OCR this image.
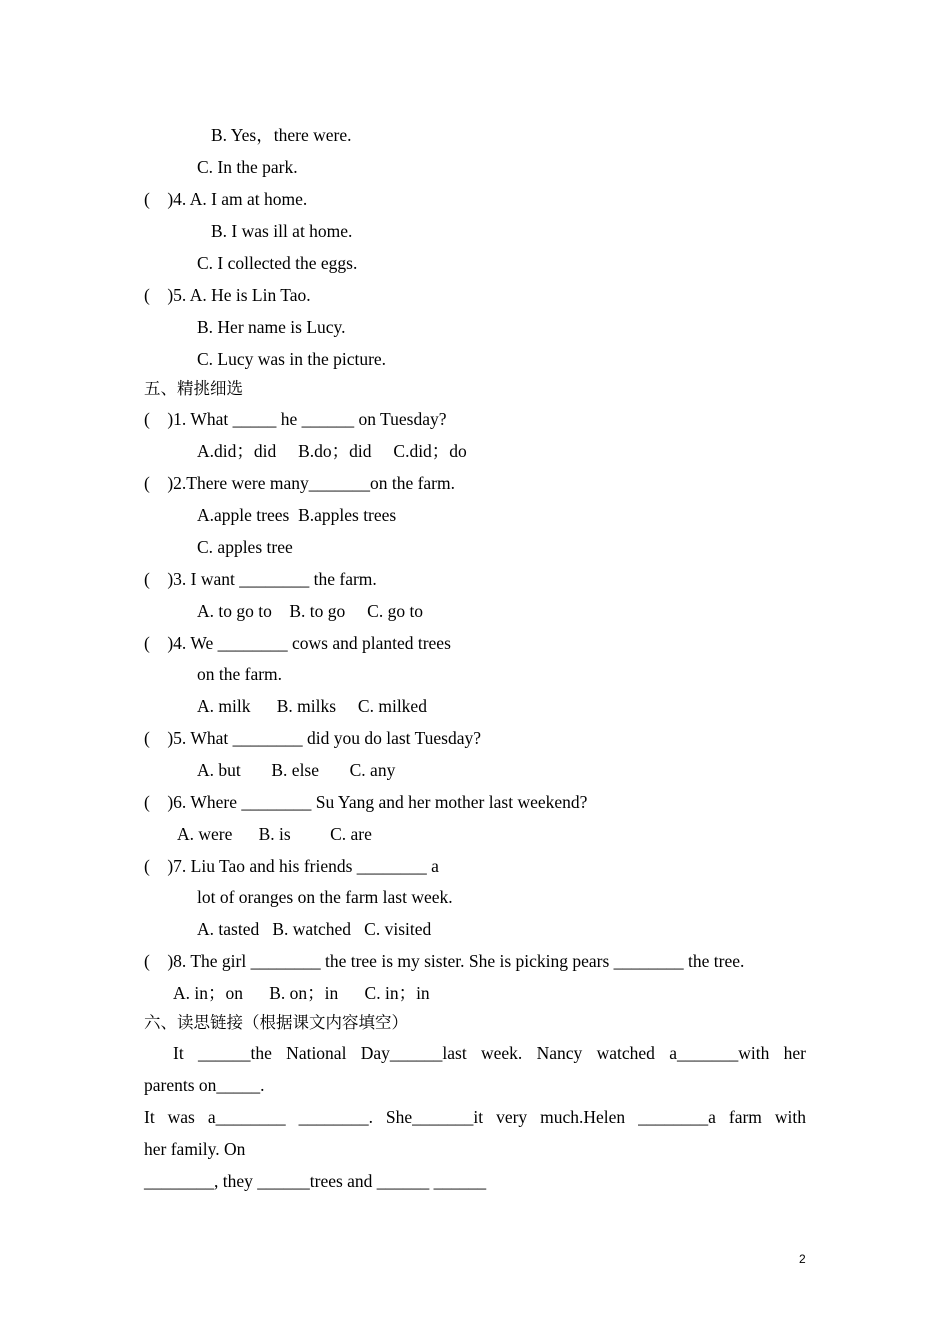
B. Yes，there were.

C. In the park.

(    )4. A. I am at home.

B. I was ill at home.

C. I collected the eggs.

(    )5. A. He is Lin Tao.

B. Her name is Lucy.

C. Lucy was in the picture.

五、精挑细选

(    )1. What _____ he ______ on Tuesday?

A.did；did     B.do；did     C.did；do

(    )2.There were many_______on the farm.

A.apple trees  B.apples trees

C. apples tree

(    )3. I want ________ the farm.

A. to go to    B. to go     C. go to

(    )4. We ________ cows and planted trees

on the farm.

A. milk      B. milks     C. milked

(    )5. What ________ did you do last Tuesday?

A. but       B. else       C. any

(    )6. Where ________ Su Yang and her mother last weekend?

A. were      B. is         C. are

(    )7. Liu Tao and his friends ________ a

lot of oranges on the farm last week.

A. tasted   B. watched   C. visited

(    )8. The girl ________ the tree is my sister. She is picking pears ________ the tree.

A. in；on      B. on；in      C. in；in

六、读思链接（根据课文内容填空）

It ______the National Day______last week. Nancy watched a_______with her

parents on_____.

It was a________ ________. She_______it very much.Helen ________a farm with

her family. On

________, they ______trees and ______ ______

2
